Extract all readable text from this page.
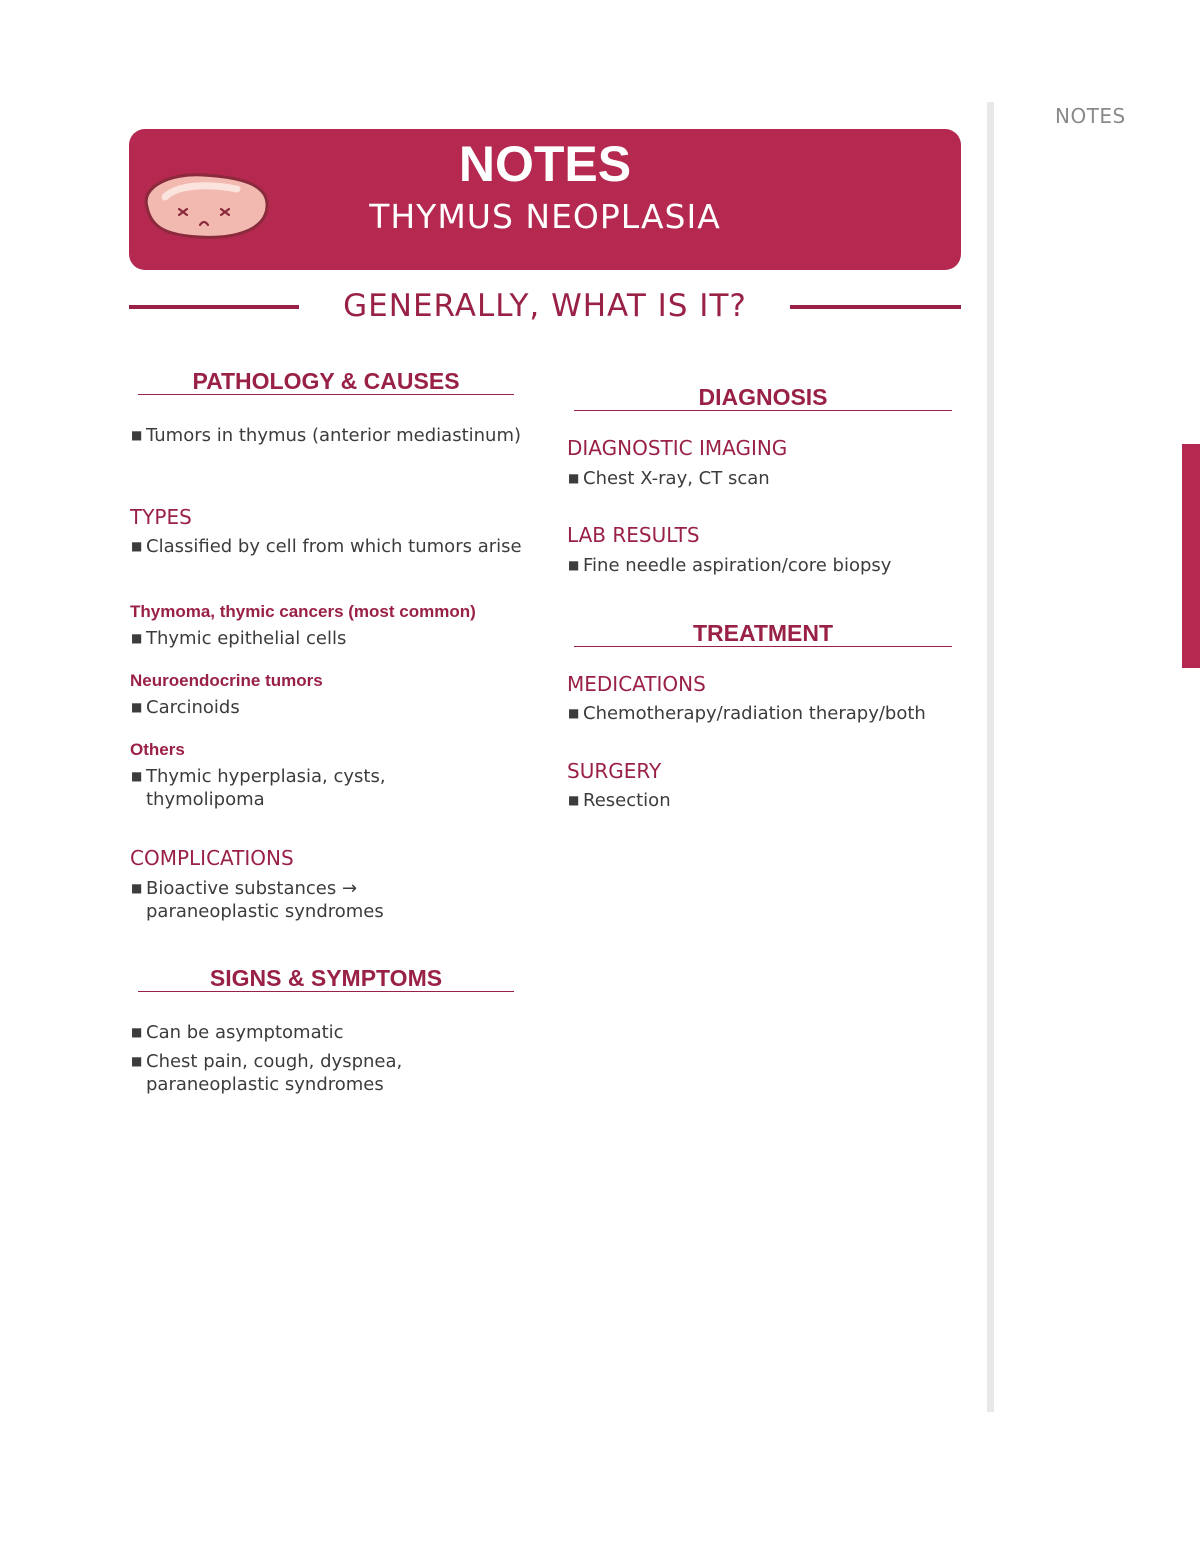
NOTES
NOTES
THYMUS NEOPLASIA
GENERALLY, WHAT IS IT?
PATHOLOGY & CAUSES
■ Tumors in thymus (anterior mediastinum)
TYPES
■ Classified by cell from which tumors arise
Thymoma, thymic cancers (most common)
■ Thymic epithelial cells
Neuroendocrine tumors
■ Carcinoids
Others
■ Thymic hyperplasia, cysts, thymolipoma
COMPLICATIONS
■ Bioactive substances → paraneoplastic syndromes
SIGNS & SYMPTOMS
■ Can be asymptomatic
■ Chest pain, cough, dyspnea, paraneoplastic syndromes
DIAGNOSIS
DIAGNOSTIC IMAGING
■ Chest X-ray, CT scan
LAB RESULTS
■ Fine needle aspiration/core biopsy
TREATMENT
MEDICATIONS
■ Chemotherapy/radiation therapy/both
SURGERY
■ Resection
